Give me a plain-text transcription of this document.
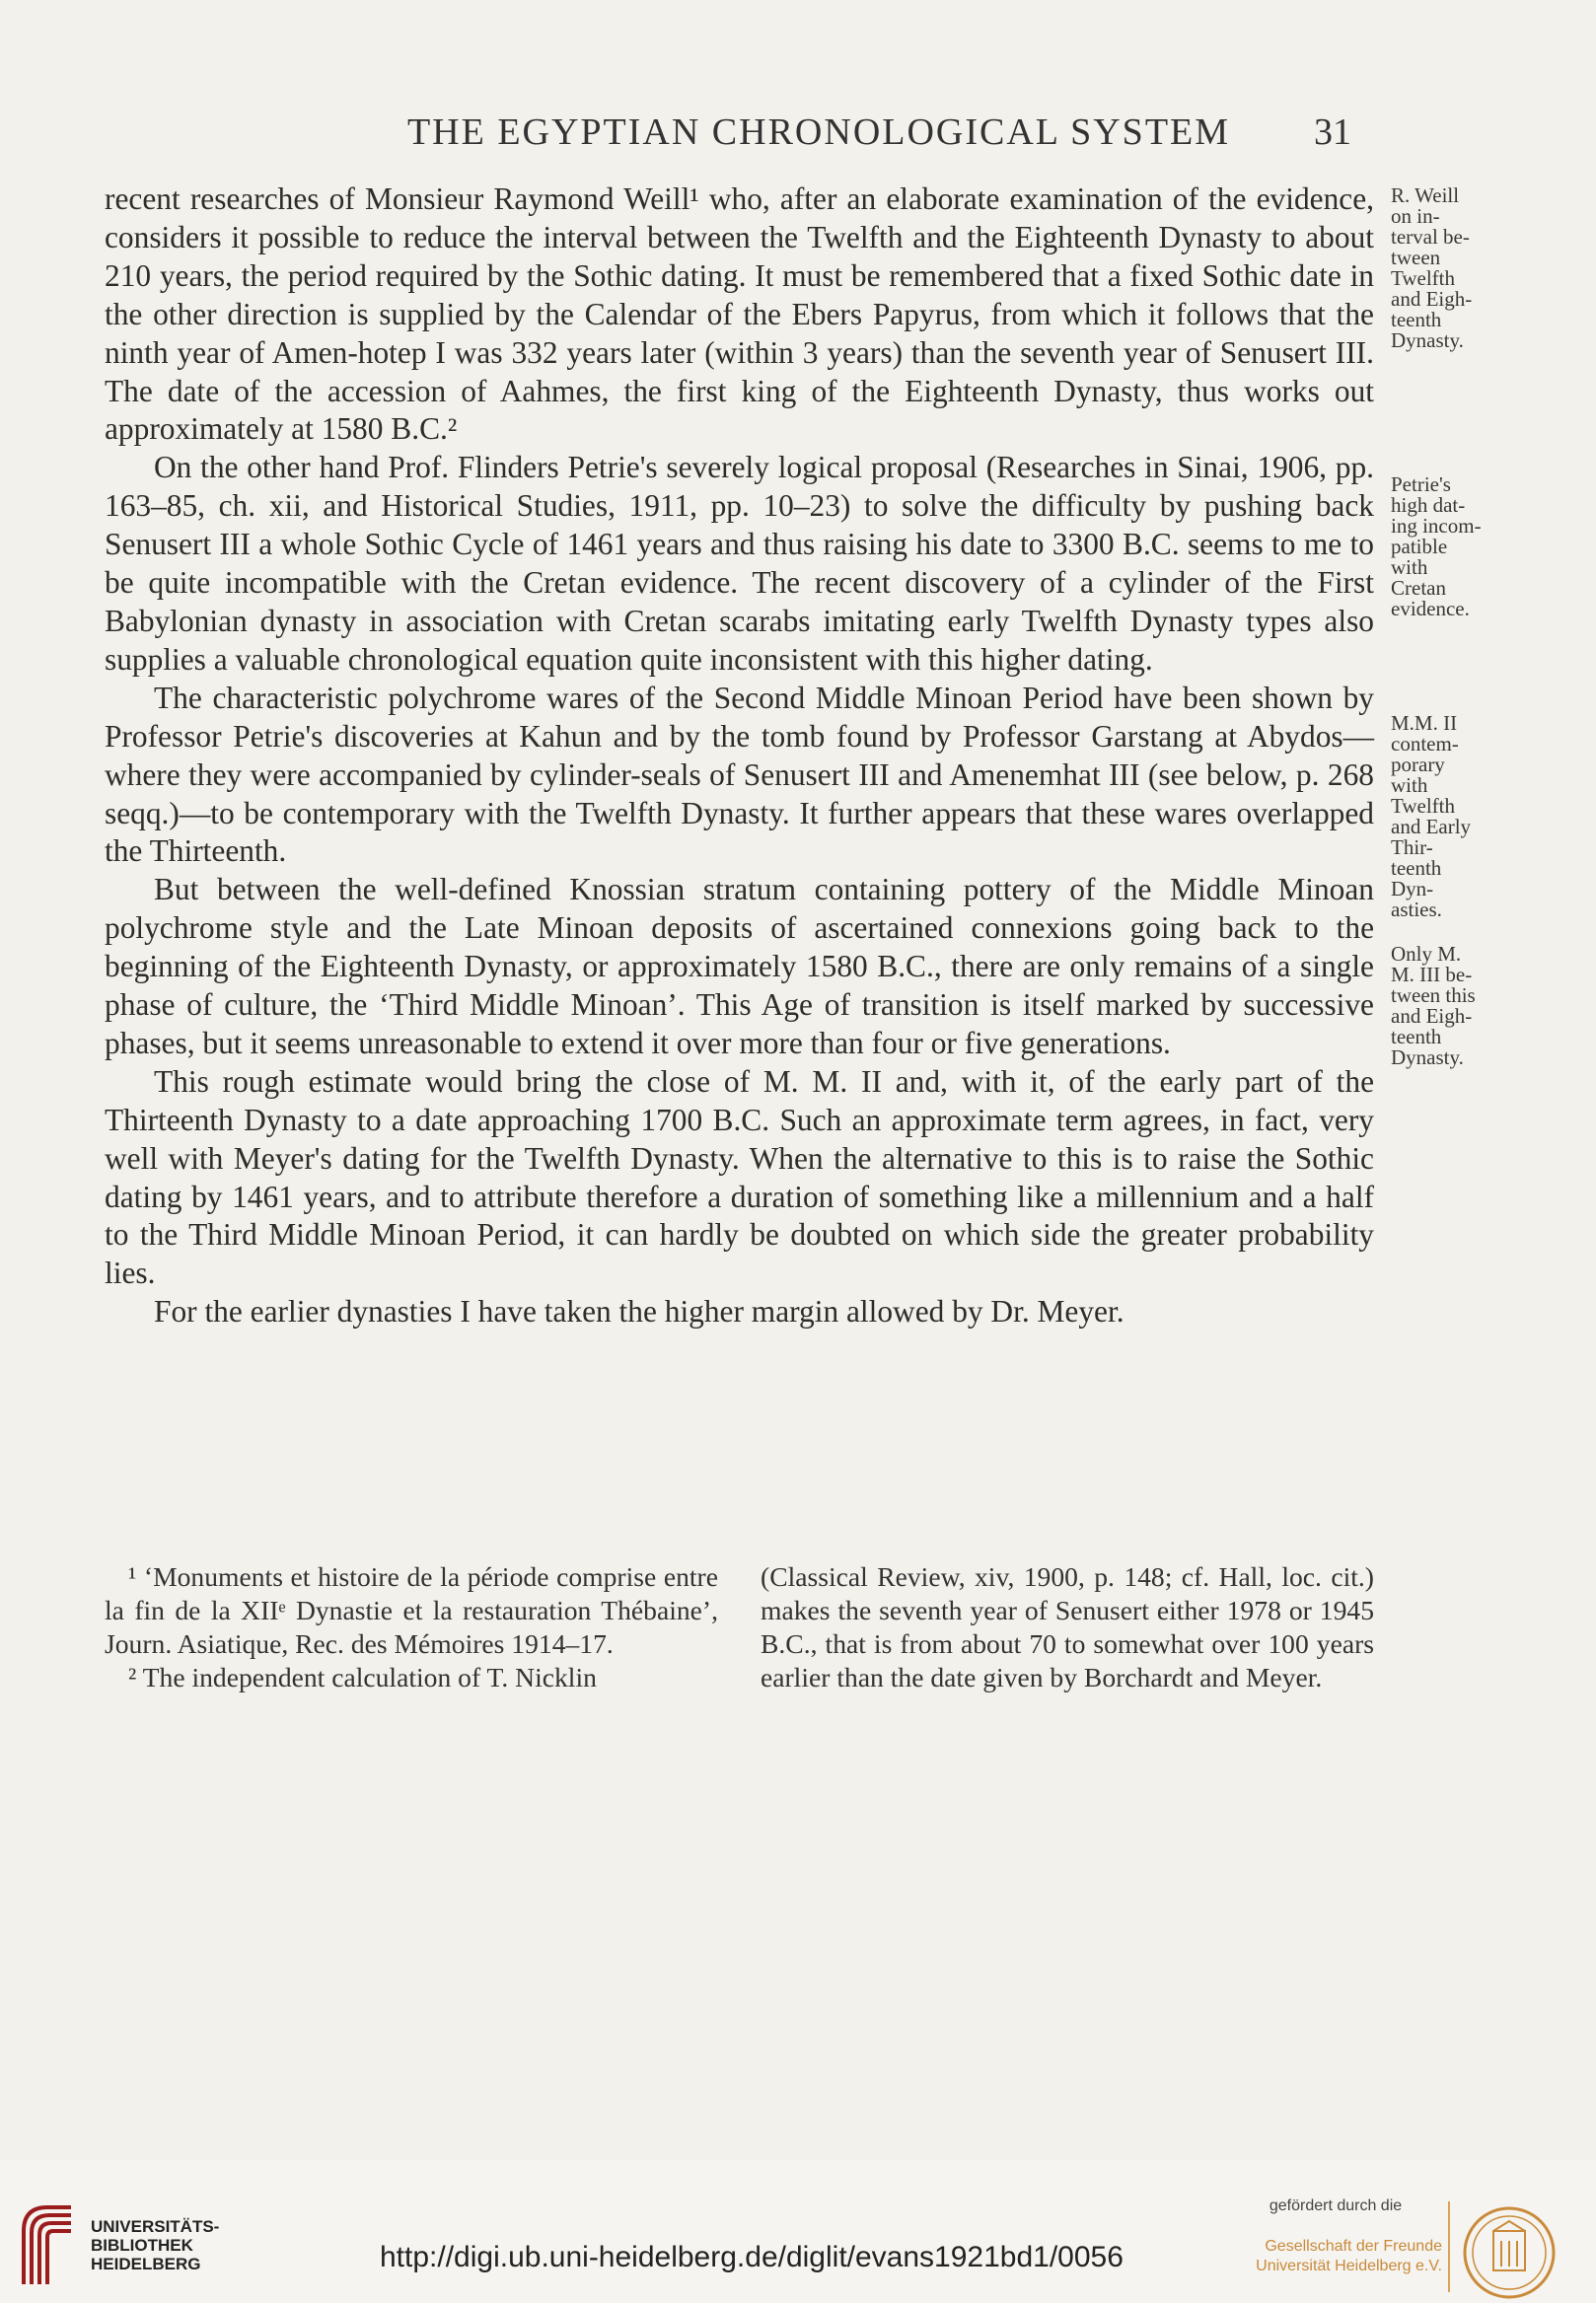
THE EGYPTIAN CHRONOLOGICAL SYSTEM	31

recent researches of Monsieur Raymond Weill¹ who, after an elaborate examination of the evidence, considers it possible to reduce the interval between the Twelfth and the Eighteenth Dynasty to about 210 years, the period required by the Sothic dating. It must be remembered that a fixed Sothic date in the other direction is supplied by the Calendar of the Ebers Papyrus, from which it follows that the ninth year of Amen-hotep I was 332 years later (within 3 years) than the seventh year of Senusert III. The date of the accession of Aahmes, the first king of the Eighteenth Dynasty, thus works out approximately at 1580 B.C.²

On the other hand Prof. Flinders Petrie's severely logical proposal (Researches in Sinai, 1906, pp. 163–85, ch. xii, and Historical Studies, 1911, pp. 10–23) to solve the difficulty by pushing back Senusert III a whole Sothic Cycle of 1461 years and thus raising his date to 3300 B.C. seems to me to be quite incompatible with the Cretan evidence. The recent discovery of a cylinder of the First Babylonian dynasty in association with Cretan scarabs imitating early Twelfth Dynasty types also supplies a valuable chronological equation quite inconsistent with this higher dating.

The characteristic polychrome wares of the Second Middle Minoan Period have been shown by Professor Petrie's discoveries at Kahun and by the tomb found by Professor Garstang at Abydos—where they were accompanied by cylinder-seals of Senusert III and Amenemhat III (see below, p. 268 seqq.)—to be contemporary with the Twelfth Dynasty. It further appears that these wares overlapped the Thirteenth.

But between the well-defined Knossian stratum containing pottery of the Middle Minoan polychrome style and the Late Minoan deposits of ascertained connexions going back to the beginning of the Eighteenth Dynasty, or approximately 1580 B.C., there are only remains of a single phase of culture, the ‘Third Middle Minoan’. This Age of transition is itself marked by successive phases, but it seems unreasonable to extend it over more than four or five generations.

This rough estimate would bring the close of M. M. II and, with it, of the early part of the Thirteenth Dynasty to a date approaching 1700 B.C. Such an approximate term agrees, in fact, very well with Meyer's dating for the Twelfth Dynasty. When the alternative to this is to raise the Sothic dating by 1461 years, and to attribute therefore a duration of something like a millennium and a half to the Third Middle Minoan Period, it can hardly be doubted on which side the greater probability lies.

For the earlier dynasties I have taken the higher margin allowed by Dr. Meyer.

R. Weill
on in-
terval be-
tween
Twelfth
and Eigh-
teenth
Dynasty.

Petrie's
high dat-
ing incom-
patible
with
Cretan
evidence.

M.M. II
contem-
porary
with
Twelfth
and Early
Thir-
teenth
Dyn-
asties.

Only M.
M. III be-
tween this
and Eigh-
teenth
Dynasty.

¹ ‘Monuments et histoire de la période comprise entre la fin de la XIIᵉ Dynastie et la restauration Thébaine’, Journ. Asiatique, Rec. des Mémoires 1914–17.

² The independent calculation of T. Nicklin

(Classical Review, xiv, 1900, p. 148; cf. Hall, loc. cit.) makes the seventh year of Senusert either 1978 or 1945 B.C., that is from about 70 to somewhat over 100 years earlier than the date given by Borchardt and Meyer.

UNIVERSITÄTS-
BIBLIOTHEK
HEIDELBERG	http://digi.ub.uni-heidelberg.de/diglit/evans1921bd1/0056
gefördert durch die
Gesellschaft der Freunde
Universität Heidelberg e.V.
